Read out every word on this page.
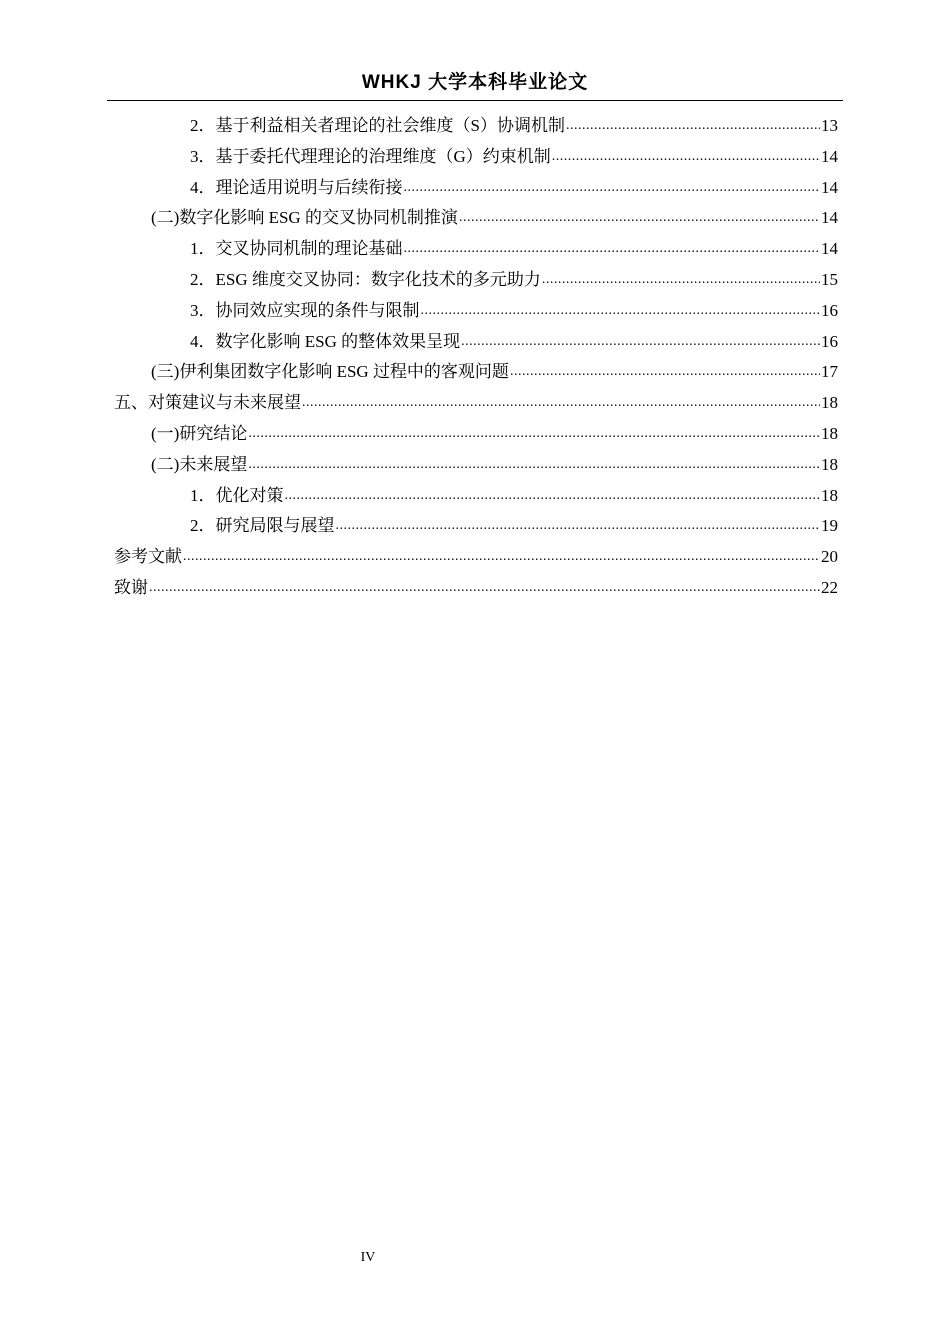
WHKJ 大学本科毕业论文
2．基于利益相关者理论的社会维度（S）协调机制 .....	13
3．基于委托代理理论的治理维度（G）约束机制 .....	14
4．理论适用说明与后续衔接 .....	14
(二)数字化影响 ESG 的交叉协同机制推演 .....	14
1．交叉协同机制的理论基础 .....	14
2．ESG 维度交叉协同：数字化技术的多元助力 .....	15
3．协同效应实现的条件与限制 .....	16
4．数字化影响 ESG 的整体效果呈现 .....	16
(三)伊利集团数字化影响 ESG 过程中的客观问题 .....	17
五、对策建议与未来展望 .....	18
(一)研究结论 .....	18
(二)未来展望 .....	18
1．优化对策 .....	18
2．研究局限与展望 .....	19
参考文献 .....	20
致谢 .....	22
IV
